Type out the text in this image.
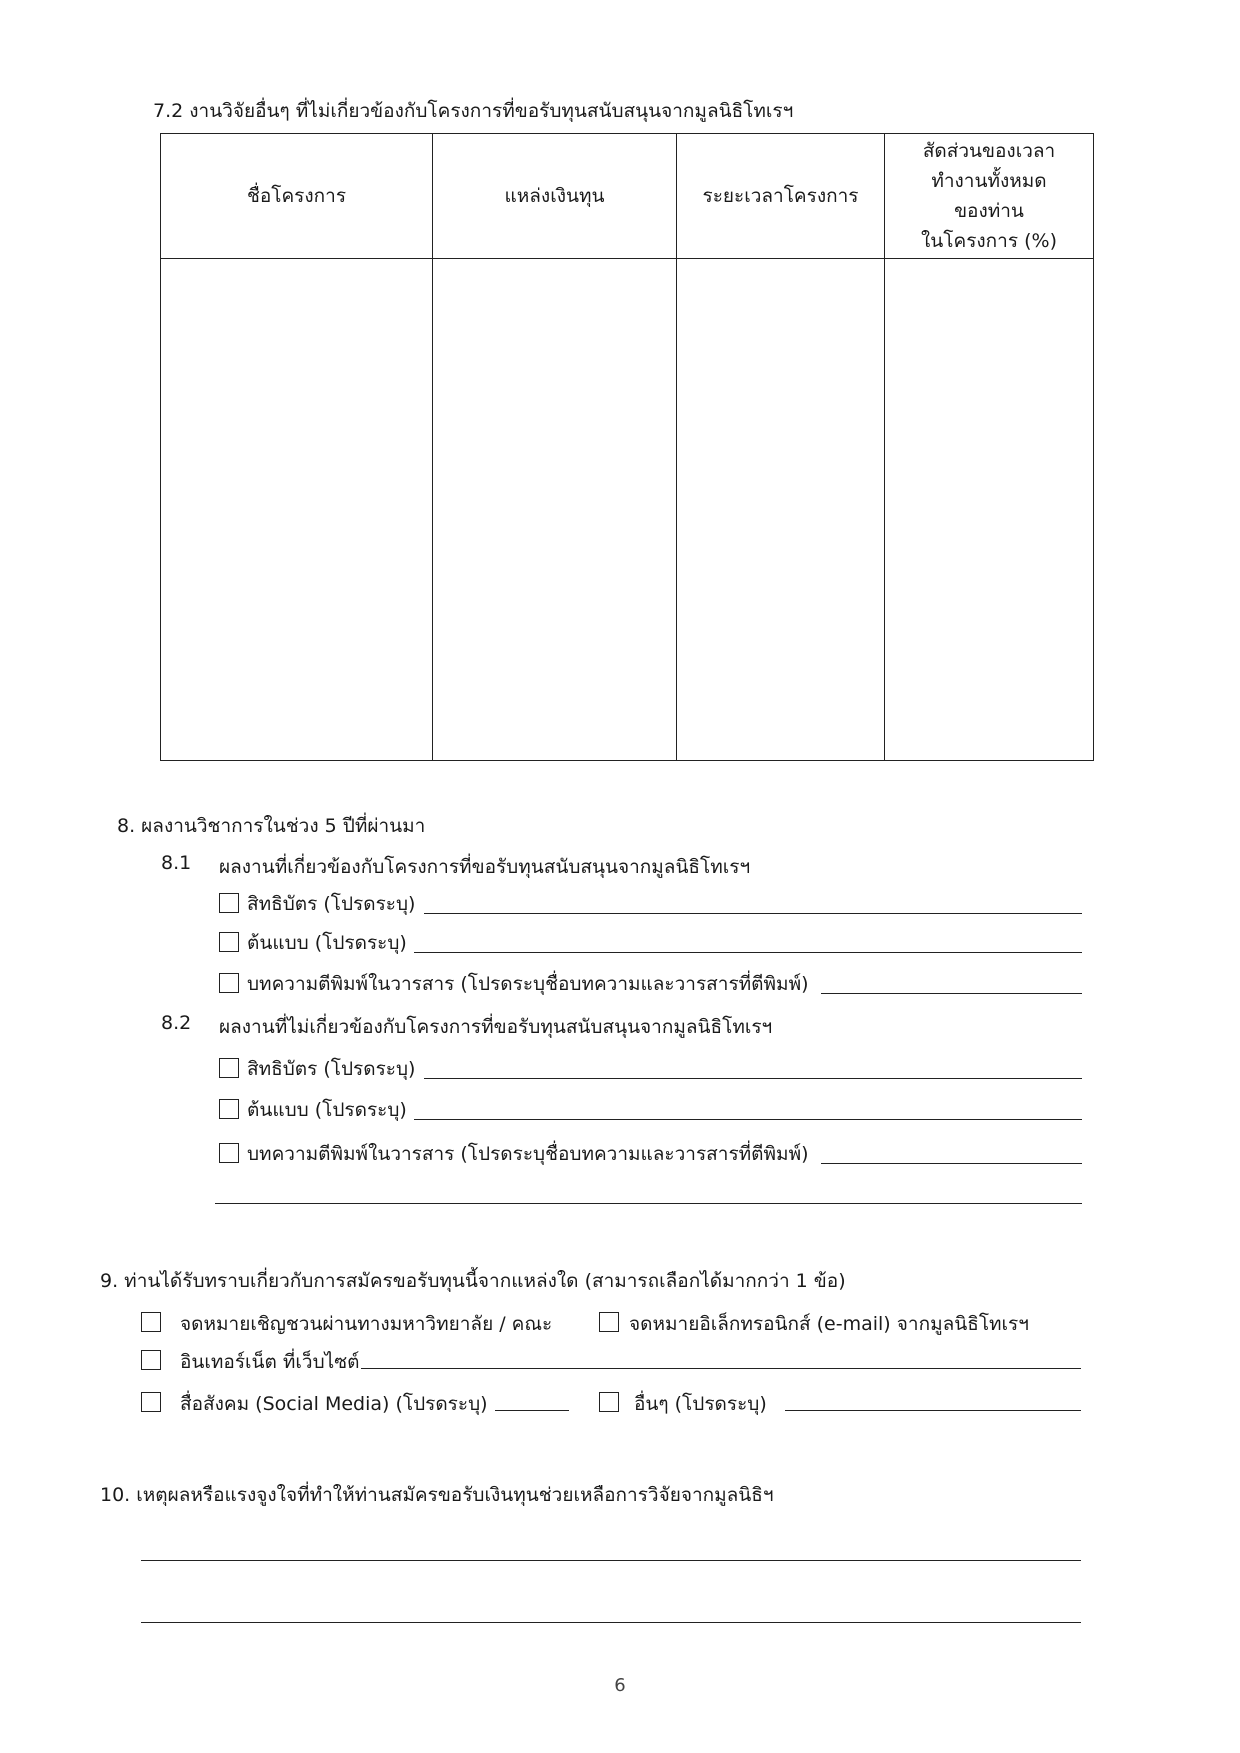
7.2 งานวิจัยอื่นๆ ที่ไม่เกี่ยวข้องกับโครงการที่ขอรับทุนสนับสนุนจากมูลนิธิโทเรฯ
ชื่อโครงการ	แหล่งเงินทุน	ระยะเวลาโครงการ	สัดส่วนของเวลา
ทำงานทั้งหมด
ของท่าน
ในโครงการ (%)

8. ผลงานวิชาการในช่วง 5 ปีที่ผ่านมา
8.1 ผลงานที่เกี่ยวข้องกับโครงการที่ขอรับทุนสนับสนุนจากมูลนิธิโทเรฯ
สิทธิบัตร (โปรดระบุ)
ต้นแบบ (โปรดระบุ)
บทความตีพิมพ์ในวารสาร (โปรดระบุชื่อบทความและวารสารที่ตีพิมพ์)
8.2 ผลงานที่ไม่เกี่ยวข้องกับโครงการที่ขอรับทุนสนับสนุนจากมูลนิธิโทเรฯ
สิทธิบัตร (โปรดระบุ)
ต้นแบบ (โปรดระบุ)
บทความตีพิมพ์ในวารสาร (โปรดระบุชื่อบทความและวารสารที่ตีพิมพ์)
9. ท่านได้รับทราบเกี่ยวกับการสมัครขอรับทุนนี้จากแหล่งใด (สามารถเลือกได้มากกว่า 1 ข้อ)
จดหมายเชิญชวนผ่านทางมหาวิทยาลัย / คณะ	จดหมายอิเล็กทรอนิกส์ (e-mail) จากมูลนิธิโทเรฯ
อินเทอร์เน็ต ที่เว็บไซต์
สื่อสังคม (Social Media) (โปรดระบุ)	อื่นๆ (โปรดระบุ)
10. เหตุผลหรือแรงจูงใจที่ทำให้ท่านสมัครขอรับเงินทุนช่วยเหลือการวิจัยจากมูลนิธิฯ
6
